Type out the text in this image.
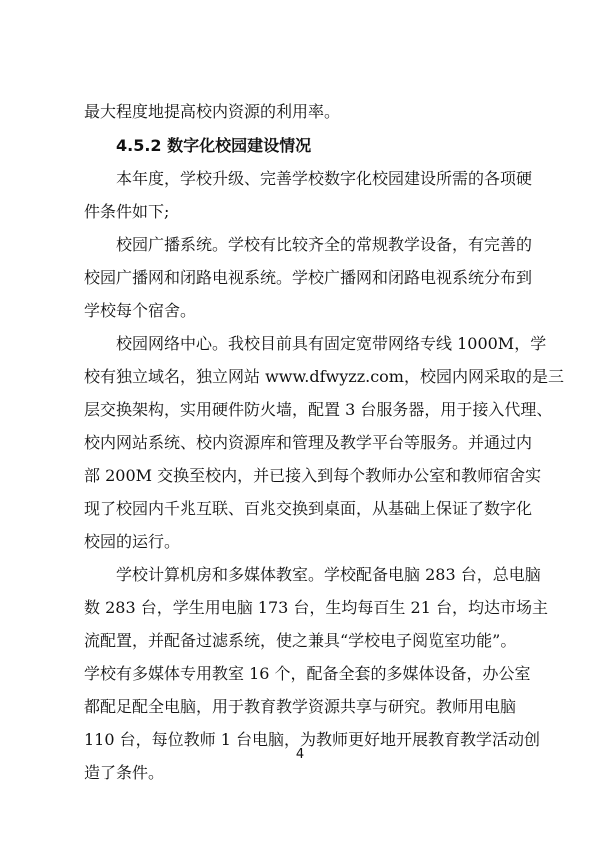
最大程度地提高校内资源的利用率。
4.5.2 数字化校园建设情况
本年度，学校升级、完善学校数字化校园建设所需的各项硬
件条件如下;
校园广播系统。学校有比较齐全的常规教学设备，有完善的
校园广播网和闭路电视系统。学校广播网和闭路电视系统分布到
学校每个宿舍。
校园网络中心。我校目前具有固定宽带网络专线 1000M，学
校有独立域名，独立网站 www.dfwyzz.com，校园内网采取的是三
层交换架构，实用硬件防火墙，配置 3 台服务器，用于接入代理、
校内网站系统、校内资源库和管理及教学平台等服务。并通过内
部 200M 交换至校内，并已接入到每个教师办公室和教师宿舍实
现了校园内千兆互联、百兆交换到桌面，从基础上保证了数字化
校园的运行。
学校计算机房和多媒体教室。学校配备电脑 283 台，总电脑
数 283 台，学生用电脑 173 台，生均每百生 21 台，均达市场主
流配置，并配备过滤系统，使之兼具“学校电子阅览室功能”。
学校有多媒体专用教室 16 个，配备全套的多媒体设备，办公室
都配足配全电脑，用于教育教学资源共享与研究。教师用电脑
110 台，每位教师 1 台电脑，为教师更好地开展教育教学活动创
造了条件。
4
